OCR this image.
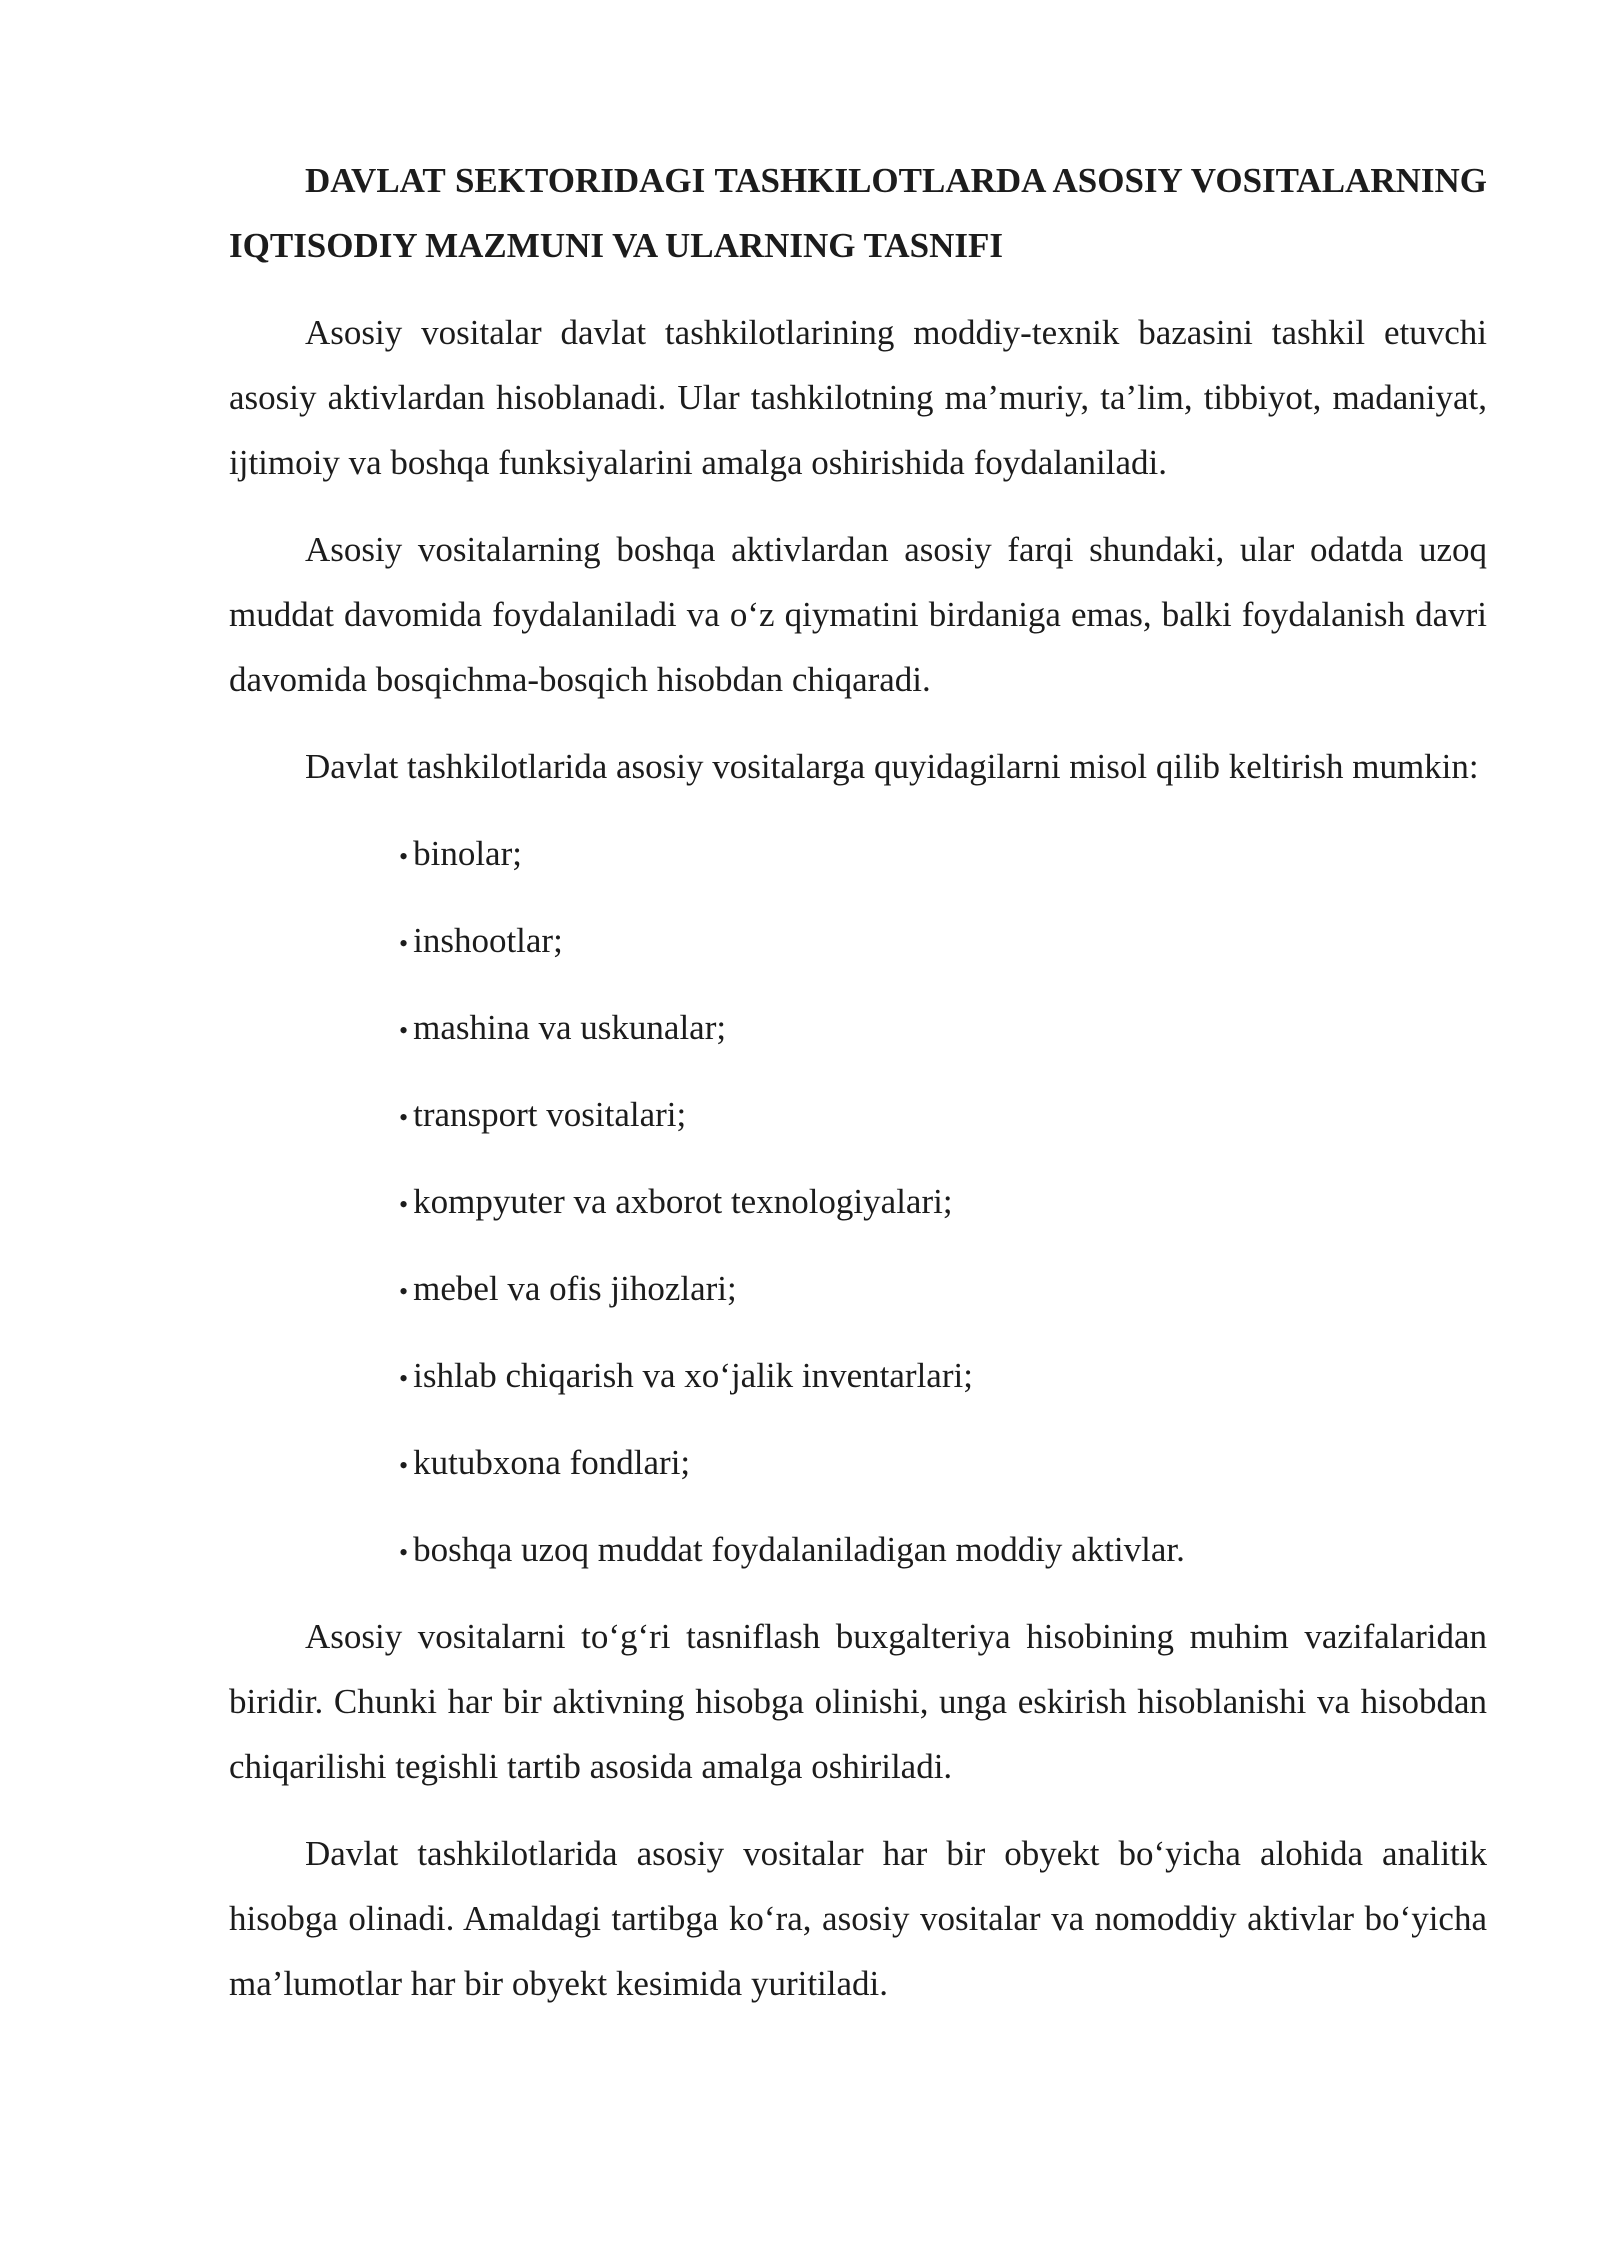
DAVLAT SEKTORIDAGI TASHKILOTLARDA ASOSIY VOSITALARNING IQTISODIY MAZMUNI VA ULARNING TASNIFI

Asosiy vositalar davlat tashkilotlarining moddiy-texnik bazasini tashkil etuvchi asosiy aktivlardan hisoblanadi. Ular tashkilotning ma’muriy, ta’lim, tibbiyot, madaniyat, ijtimoiy va boshqa funksiyalarini amalga oshirishida foydalaniladi.

Asosiy vositalarning boshqa aktivlardan asosiy farqi shundaki, ular odatda uzoq muddat davomida foydalaniladi va o‘z qiymatini birdaniga emas, balki foydalanish davri davomida bosqichma-bosqich hisobdan chiqaradi.

Davlat tashkilotlarida asosiy vositalarga quyidagilarni misol qilib keltirish mumkin:

• binolar;
• inshootlar;
• mashina va uskunalar;
• transport vositalari;
• kompyuter va axborot texnologiyalari;
• mebel va ofis jihozlari;
• ishlab chiqarish va xo‘jalik inventarlari;
• kutubxona fondlari;
• boshqa uzoq muddat foydalaniladigan moddiy aktivlar.

Asosiy vositalarni to‘g‘ri tasniflash buxgalteriya hisobining muhim vazifalaridan biridir. Chunki har bir aktivning hisobga olinishi, unga eskirish hisoblanishi va hisobdan chiqarilishi tegishli tartib asosida amalga oshiriladi.

Davlat tashkilotlarida asosiy vositalar har bir obyekt bo‘yicha alohida analitik hisobga olinadi. Amaldagi tartibga ko‘ra, asosiy vositalar va nomoddiy aktivlar bo‘yicha ma’lumotlar har bir obyekt kesimida yuritiladi.
